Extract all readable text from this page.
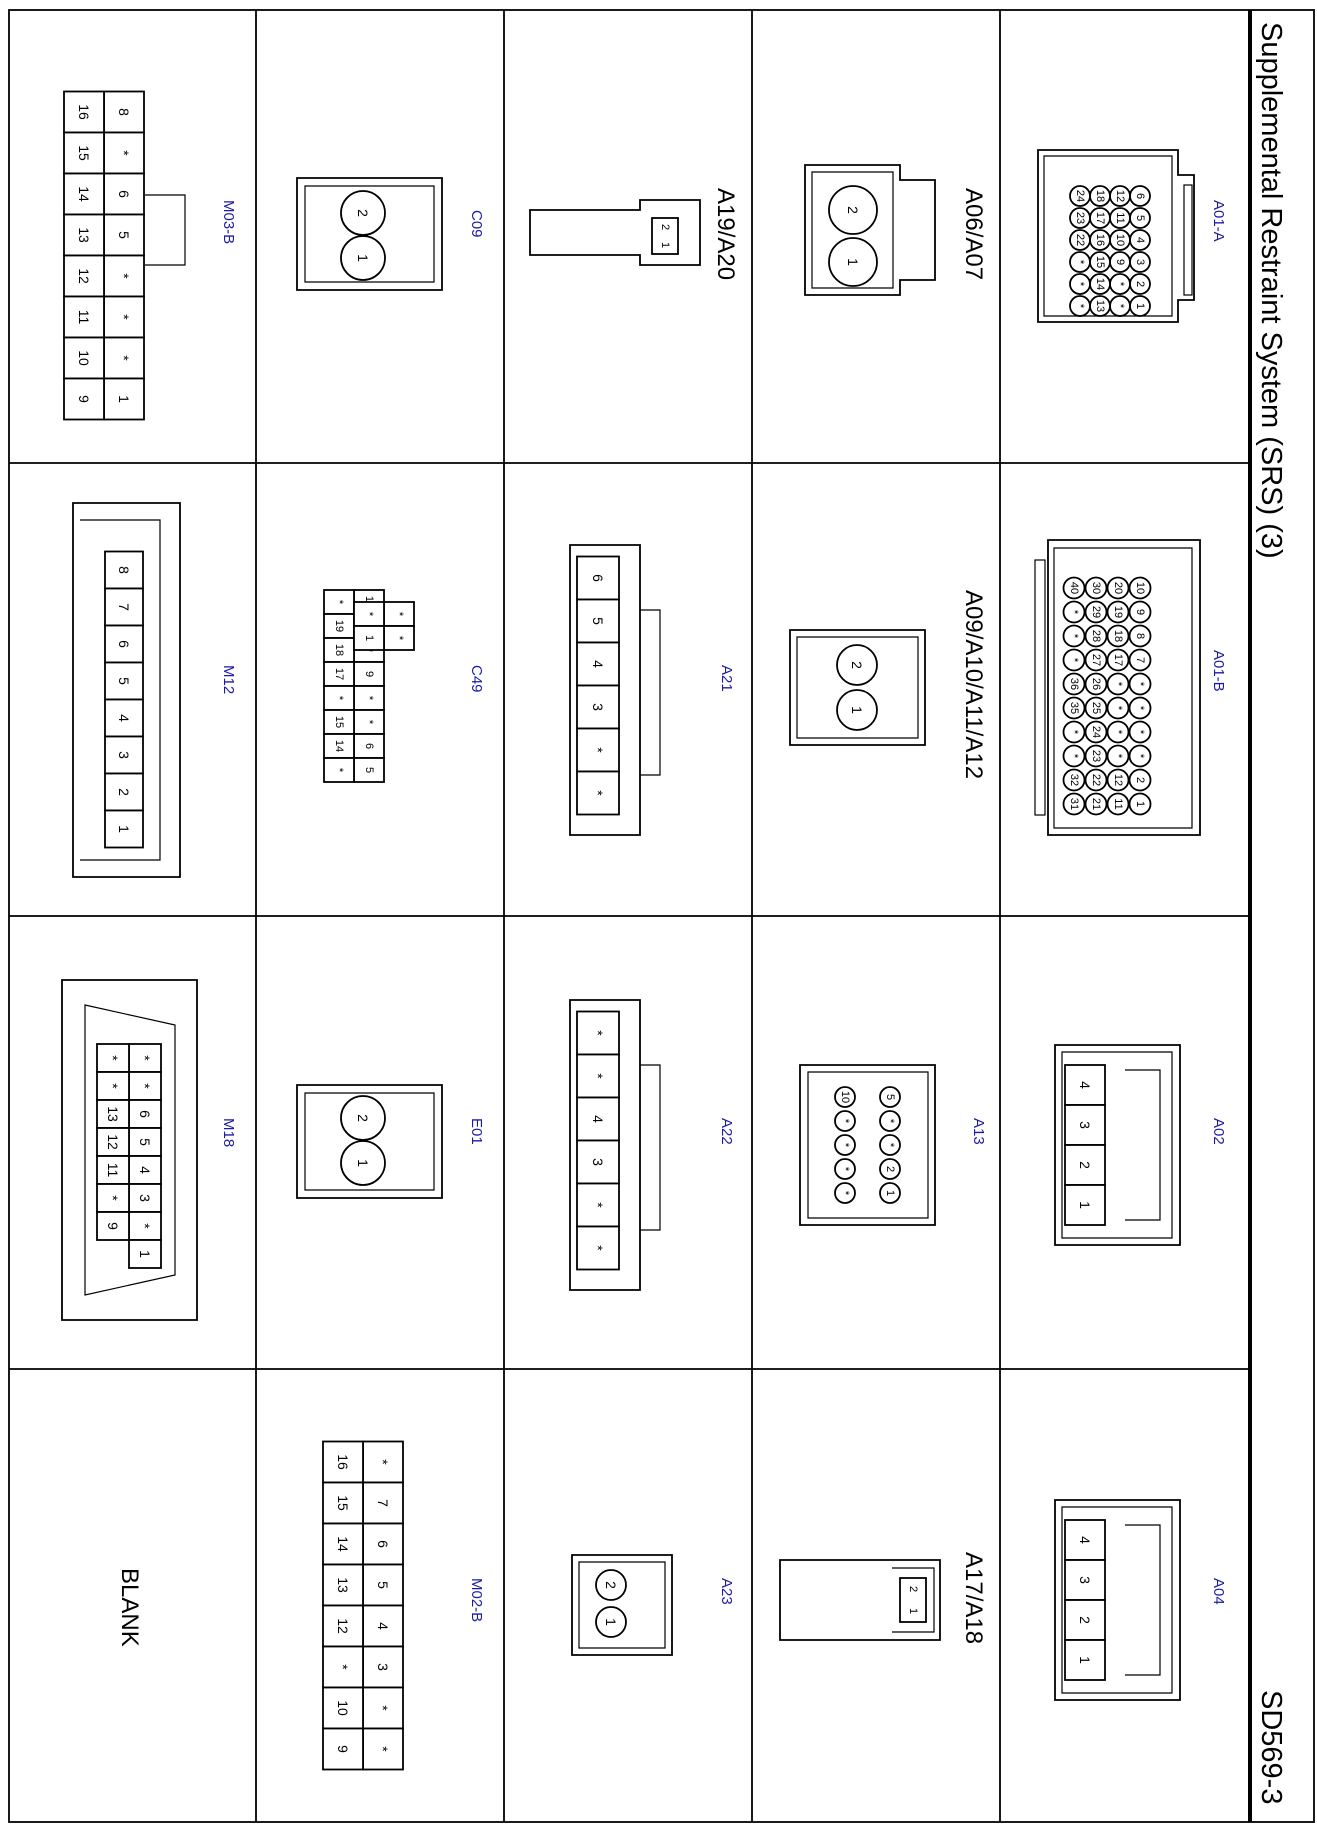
Supplemental Restraint System (SRS) (3)
SD569-3
A01-A
6
5
4
3
2
1
12
11
10
9
*
*
18
17
16
15
14
13
24
23
22
*
*
*
A01-B
10
9
8
7
*
*
*
*
2
1
20
19
18
17
*
*
*
*
12
11
30
29
28
27
26
25
24
23
22
21
40
*
*
*
36
35
*
*
32
31
A02
4
3
2
1
A04
4
3
2
1
A06/A07
2
1
A09/A10/A11/A12
2
1
A13
5
*
*
2
1
10
*
*
*
*
A17/A18
2
1
A19/A20
2
1
A21
6
5
4
3
*
*
A22
*
*
4
3
*
*
A23
2
1
C09
2
1
C49
9
*
*
6
5
*
19
18
17
*
15
14
*
*
*
*
1
E01
2
1
M02-B
*
7
6
5
4
3
*
*
16
15
14
13
12
*
10
9
M03-B
8
*
6
5
*
*
*
1
16
15
14
13
12
11
10
9
M12
8
7
6
5
4
3
2
1
M18
*
*
6
5
4
3
*
1
*
*
13
12
11
*
9
BLANK
